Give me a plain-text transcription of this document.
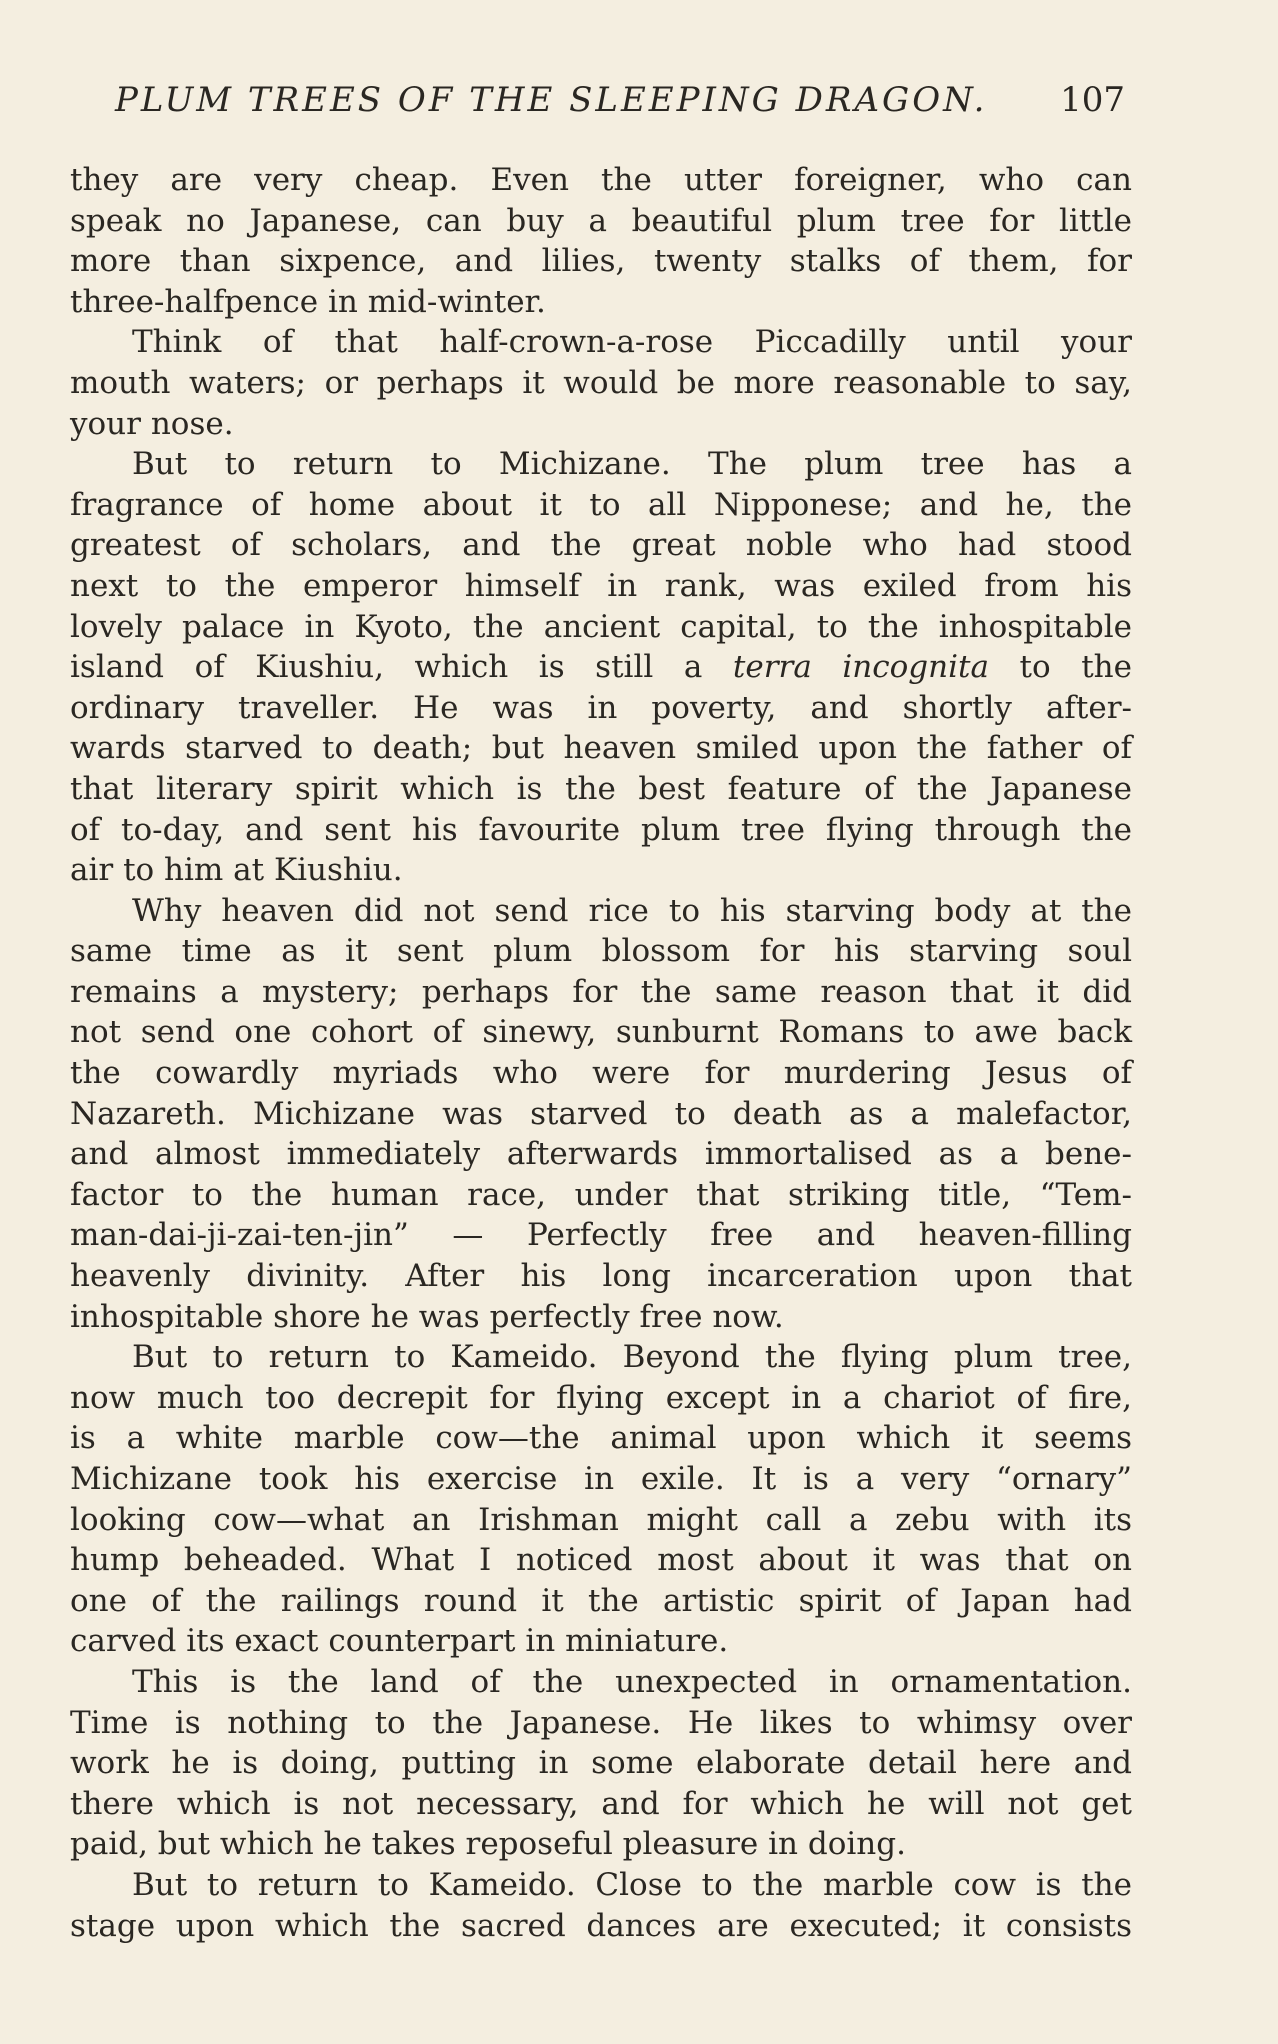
PLUM TREES OF THE SLEEPING DRAGON. 107
they are very cheap. Even the utter foreigner, who can
speak no Japanese, can buy a beautiful plum tree for little
more than sixpence, and lilies, twenty stalks of them, for
three-halfpence in mid-winter.
Think of that half-crown-a-rose Piccadilly until your
mouth waters; or perhaps it would be more reasonable to say,
your nose.
But to return to Michizane. The plum tree has a
fragrance of home about it to all Nipponese; and he, the
greatest of scholars, and the great noble who had stood
next to the emperor himself in rank, was exiled from his
lovely palace in Kyoto, the ancient capital, to the inhospitable
island of Kiushiu, which is still a terra incognita to the
ordinary traveller. He was in poverty, and shortly after-
wards starved to death; but heaven smiled upon the father of
that literary spirit which is the best feature of the Japanese
of to-day, and sent his favourite plum tree flying through the
air to him at Kiushiu.
Why heaven did not send rice to his starving body at the
same time as it sent plum blossom for his starving soul
remains a mystery; perhaps for the same reason that it did
not send one cohort of sinewy, sunburnt Romans to awe back
the cowardly myriads who were for murdering Jesus of
Nazareth. Michizane was starved to death as a malefactor,
and almost immediately afterwards immortalised as a bene-
factor to the human race, under that striking title, “Tem-
man-dai-ji-zai-ten-jin” — Perfectly free and heaven-filling
heavenly divinity. After his long incarceration upon that
inhospitable shore he was perfectly free now.
But to return to Kameido. Beyond the flying plum tree,
now much too decrepit for flying except in a chariot of fire,
is a white marble cow—the animal upon which it seems
Michizane took his exercise in exile. It is a very “ornary”
looking cow—what an Irishman might call a zebu with its
hump beheaded. What I noticed most about it was that on
one of the railings round it the artistic spirit of Japan had
carved its exact counterpart in miniature.
This is the land of the unexpected in ornamentation.
Time is nothing to the Japanese. He likes to whimsy over
work he is doing, putting in some elaborate detail here and
there which is not necessary, and for which he will not get
paid, but which he takes reposeful pleasure in doing.
But to return to Kameido. Close to the marble cow is the
stage upon which the sacred dances are executed; it consists
